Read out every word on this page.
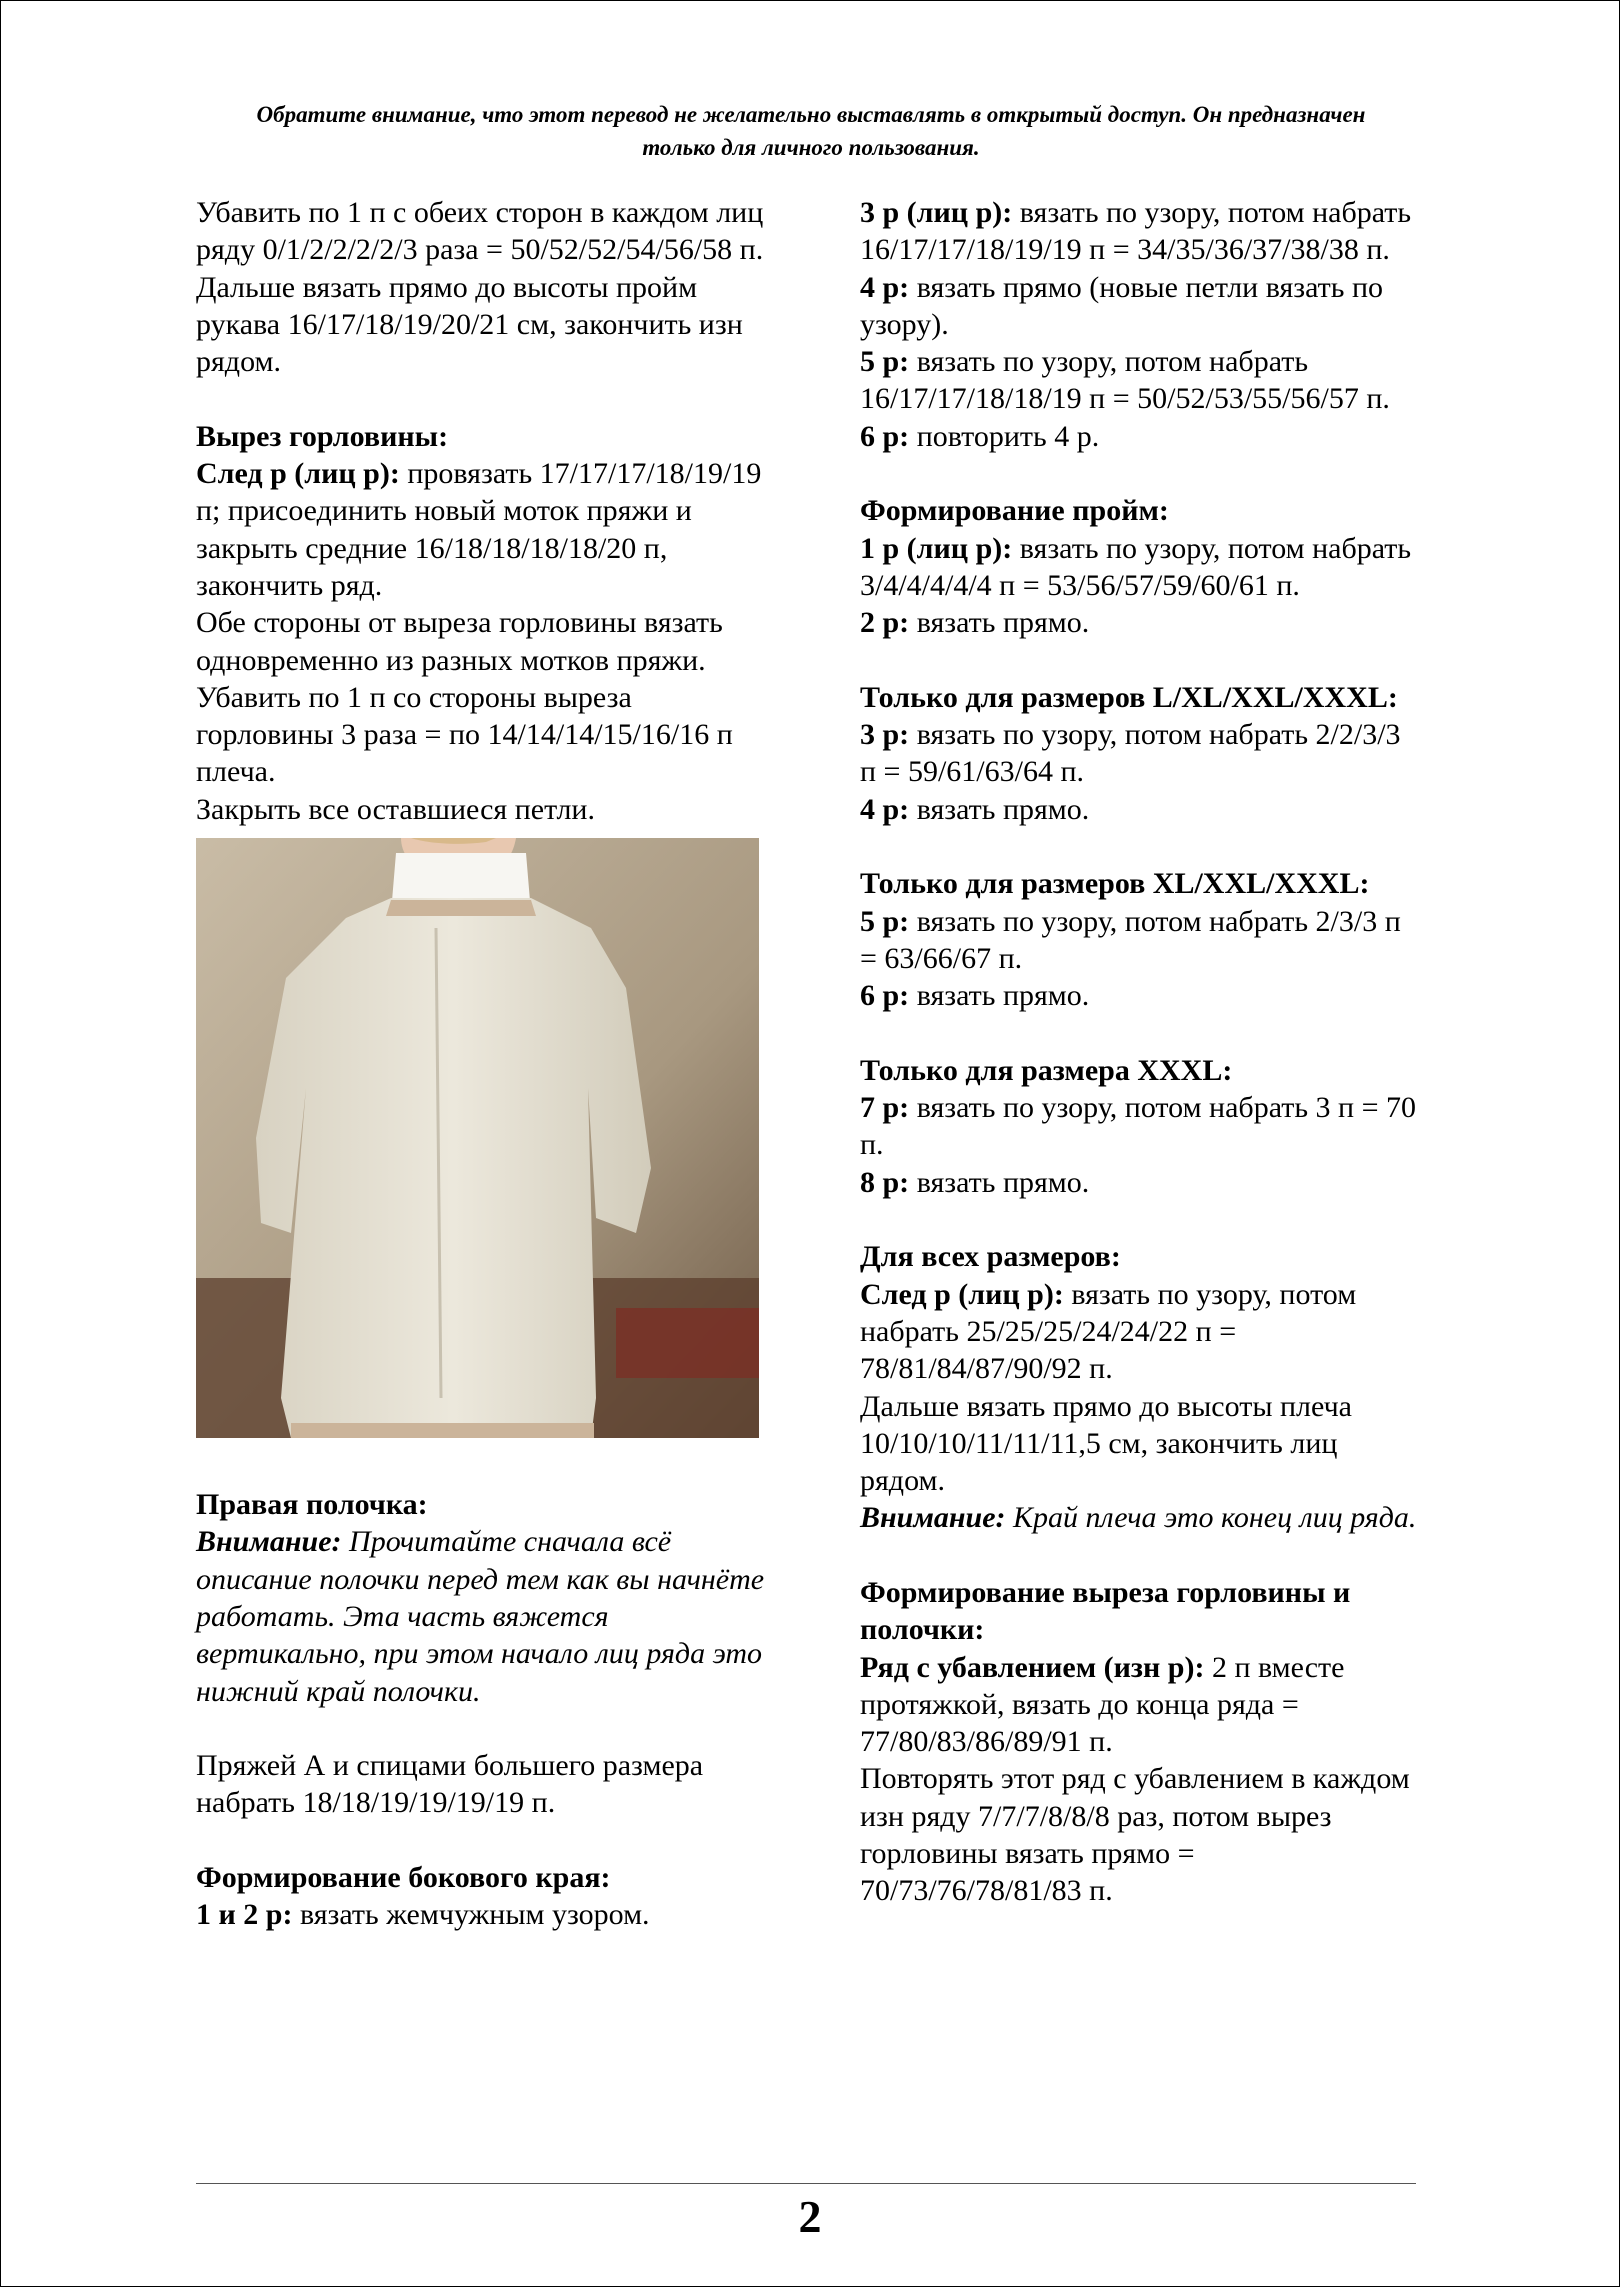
Обратите внимание, что этот перевод не желательно выставлять в открытый доступ. Он предназначен только для личного пользования.

Убавить по 1 п с обеих сторон в каждом лиц ряду 0/1/2/2/2/2/3 раза = 50/52/52/54/56/58 п.

Дальше вязать прямо до высоты пройм рукава 16/17/18/19/20/21 см, закончить изн рядом.

Вырез горловины:

След р (лиц р): провязать 17/17/17/18/19/19 п; присоединить новый моток пряжи и закрыть средние 16/18/18/18/18/20 п, закончить ряд.

Обе стороны от выреза горловины вязать одновременно из разных мотков пряжи.

Убавить по 1 п со стороны выреза горловины 3 раза = по 14/14/14/15/16/16 п плеча.

Закрыть все оставшиеся петли.

Правая полочка:

Внимание: Прочитайте сначала всё описание полочки перед тем как вы начнёте работать. Эта часть вяжется вертикально, при этом начало лиц ряда это нижний край полочки.

Пряжей А и спицами большего размера набрать 18/18/19/19/19/19 п.

Формирование бокового края:

1 и 2 р: вязать жемчужным узором.

3 р (лиц р): вязать по узору, потом набрать 16/17/17/18/19/19 п = 34/35/36/37/38/38 п.

4 р: вязать прямо (новые петли вязать по узору).

5 р: вязать по узору, потом набрать 16/17/17/18/18/19 п = 50/52/53/55/56/57 п.

6 р: повторить 4 р.

Формирование пройм:

1 р (лиц р): вязать по узору, потом набрать 3/4/4/4/4/4 п = 53/56/57/59/60/61 п.

2 р: вязать прямо.

Только для размеров L/XL/XXL/XXXL:

3 р: вязать по узору, потом набрать 2/2/3/3 п = 59/61/63/64 п.

4 р: вязать прямо.

Только для размеров XL/XXL/XXXL:

5 р: вязать по узору, потом набрать 2/3/3 п = 63/66/67 п.

6 р: вязать прямо.

Только для размера XXXL:

7 р: вязать по узору, потом набрать 3 п = 70 п.

8 р: вязать прямо.

Для всех размеров:

След р (лиц р): вязать по узору, потом набрать 25/25/25/24/24/22 п = 78/81/84/87/90/92 п.

Дальше вязать прямо до высоты плеча 10/10/10/11/11/11,5 см, закончить лиц рядом.

Внимание: Край плеча это конец лиц ряда.

Формирование выреза горловины и полочки:

Ряд с убавлением (изн р): 2 п вместе протяжкой, вязать до конца ряда = 77/80/83/86/89/91 п.

Повторять этот ряд с убавлением в каждом изн ряду 7/7/7/8/8/8 раз, потом вырез горловины вязать прямо = 70/73/76/78/81/83 п.

2
